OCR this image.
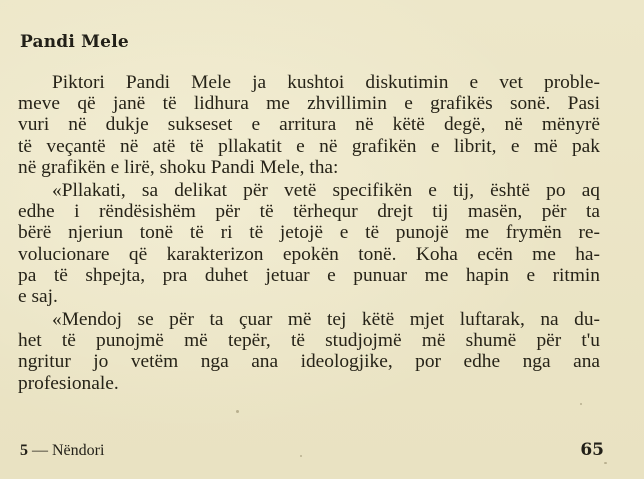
Pandi Mele
Piktori Pandi Mele ja kushtoi diskutimin e vet proble-
meve që janë të lidhura me zhvillimin e grafikës sonë. Pasi
vuri në dukje sukseset e arritura në këtë degë, në mënyrë
të veçantë në atë të pllakatit e në grafikën e librit, e më pak
në grafikën e lirë, shoku Pandi Mele, tha:
«Pllakati, sa delikat për vetë specifikën e tij, është po aq
edhe i rëndësishëm për të tërhequr drejt tij masën, për ta
bërë njeriun tonë të ri të jetojë e të punojë me frymën re-
volucionare që karakterizon epokën tonë. Koha ecën me ha-
pa të shpejta, pra duhet jetuar e punuar me hapin e ritmin
e saj.
«Mendoj se për ta çuar më tej këtë mjet luftarak, na du-
het të punojmë më tepër, të studjojmë më shumë për t'u
ngritur jo vetëm nga ana ideologjike, por edhe nga ana
profesionale.
5 — Nëndori	65
